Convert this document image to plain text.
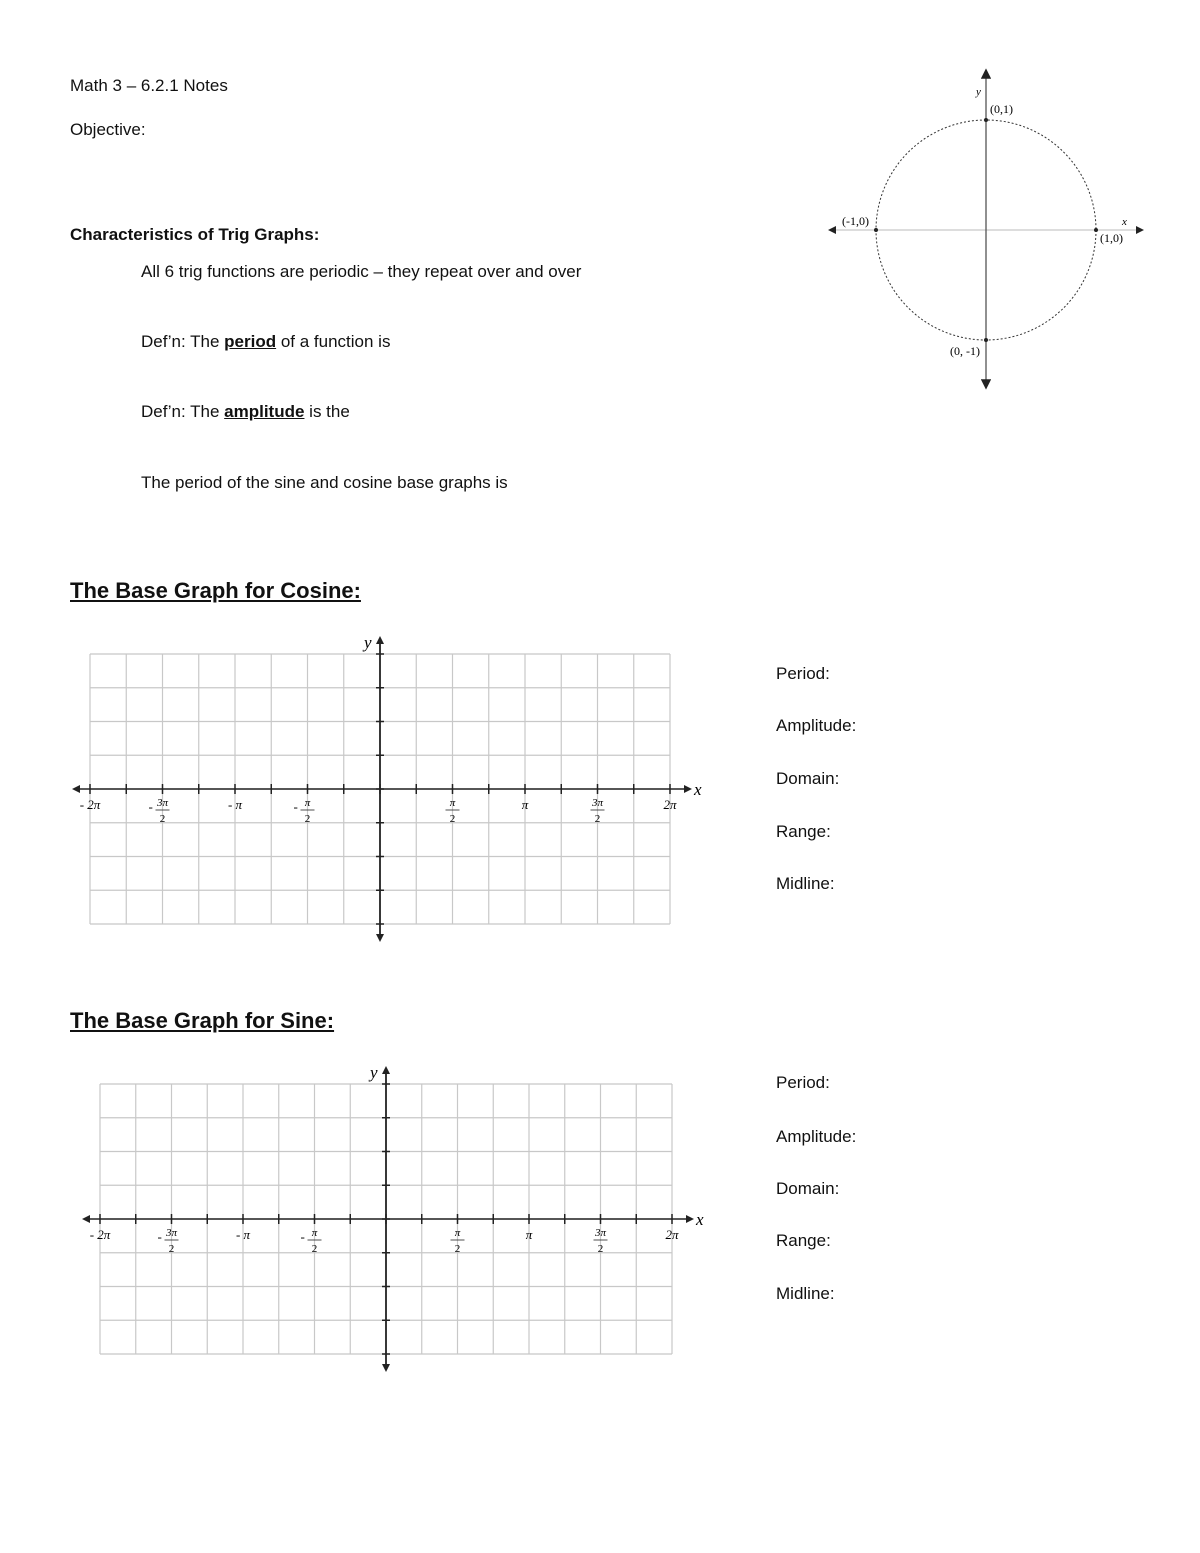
Math 3 – 6.2.1 Notes
Objective:
Characteristics of Trig Graphs:
All 6 trig functions are periodic – they repeat over and over
Def’n: The period of a function is
Def’n: The amplitude is the
The period of the sine and cosine base graphs is
y
x
(0,1)
(1,0)
(-1,0)
(0, -1)
The Base Graph for Cosine:
x
y
- 2π	- 3π
2
- π	- π
2
π
2
π	3π
2
2π
Period:
Amplitude:
Domain:
Range:
Midline:
The Base Graph for Sine:
x
y
- 2π	- 3π
2
- π	- π
2
π
2
π	3π
2
2π
Period:
Amplitude:
Domain:
Range:
Midline:
